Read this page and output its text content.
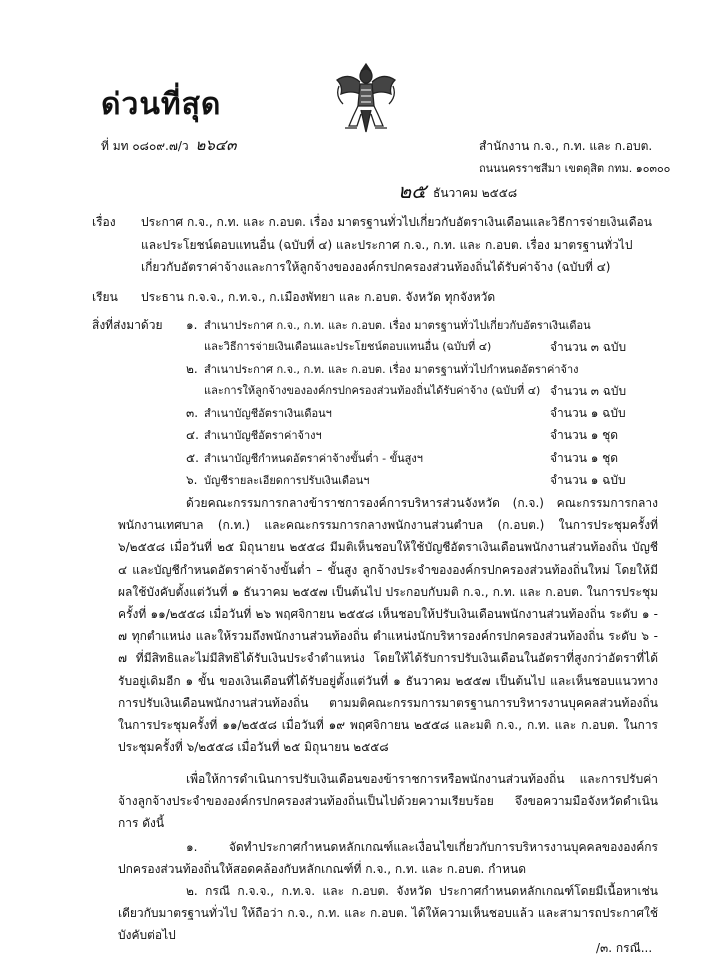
ด่วนที่สุด
ที่ มท ๐๘๐๙.๗/ว ๒๖๔๓	สำนักงาน ก.จ., ก.ท. และ ก.อบต.
ถนนนครราชสีมา เขตดุสิต กทม. ๑๐๓๐๐
๒๕ ธันวาคม ๒๕๕๘
เรื่อง ประกาศ ก.จ., ก.ท. และ ก.อบต. เรื่อง มาตรฐานทั่วไปเกี่ยวกับอัตราเงินเดือนและวิธีการจ่ายเงินเดือน
และประโยชน์ตอบแทนอื่น (ฉบับที่ ๔) และประกาศ ก.จ., ก.ท. และ ก.อบต. เรื่อง มาตรฐานทั่วไป
เกี่ยวกับอัตราค่าจ้างและการให้ลูกจ้างขององค์กรปกครองส่วนท้องถิ่นได้รับค่าจ้าง (ฉบับที่ ๔)
เรียน ประธาน ก.จ.จ., ก.ท.จ., ก.เมืองพัทยา และ ก.อบต. จังหวัด ทุกจังหวัด
สิ่งที่ส่งมาด้วย ๑. สำเนาประกาศ ก.จ., ก.ท. และ ก.อบต. เรื่อง มาตรฐานทั่วไปเกี่ยวกับอัตราเงินเดือน
และวิธีการจ่ายเงินเดือนและประโยชน์ตอบแทนอื่น (ฉบับที่ ๔)	จำนวน ๓ ฉบับ
๒. สำเนาประกาศ ก.จ., ก.ท. และ ก.อบต. เรื่อง มาตรฐานทั่วไปกำหนดอัตราค่าจ้าง
และการให้ลูกจ้างขององค์กรปกครองส่วนท้องถิ่นได้รับค่าจ้าง (ฉบับที่ ๔) จำนวน ๓ ฉบับ
๓. สำเนาบัญชีอัตราเงินเดือนฯ	จำนวน ๑ ฉบับ
๔. สำเนาบัญชีอัตราค่าจ้างฯ	จำนวน ๑ ชุด
๕. สำเนาบัญชีกำหนดอัตราค่าจ้างขั้นต่ำ - ขั้นสูงฯ	จำนวน ๑ ชุด
๖. บัญชีรายละเอียดการปรับเงินเดือนฯ	จำนวน ๑ ฉบับ
ด้วยคณะกรรมการกลางข้าราชการองค์การบริหารส่วนจังหวัด (ก.จ.) คณะกรรมการกลางพนักงานเทศบาล (ก.ท.) และคณะกรรมการกลางพนักงานส่วนตำบล (ก.อบต.) ในการประชุมครั้งที่ ๖/๒๕๕๘ เมื่อวันที่ ๒๕ มิถุนายน ๒๕๕๘ มีมติเห็นชอบให้ใช้บัญชีอัตราเงินเดือนพนักงานส่วนท้องถิ่น บัญชี ๔ และบัญชีกำหนดอัตราค่าจ้างขั้นต่ำ – ขั้นสูง ลูกจ้างประจำขององค์กรปกครองส่วนท้องถิ่นใหม่ โดยให้มีผลใช้บังคับตั้งแต่วันที่ ๑ ธันวาคม ๒๕๕๗ เป็นต้นไป ประกอบกับมติ ก.จ., ก.ท. และ ก.อบต. ในการประชุมครั้งที่ ๑๑/๒๕๕๘ เมื่อวันที่ ๒๖ พฤศจิกายน ๒๕๕๘ เห็นชอบให้ปรับเงินเดือนพนักงานส่วนท้องถิ่น ระดับ ๑ - ๗ ทุกตำแหน่ง และให้รวมถึงพนักงานส่วนท้องถิ่น ตำแหน่งนักบริหารองค์กรปกครองส่วนท้องถิ่น ระดับ ๖ - ๗ ที่มีสิทธิและไม่มีสิทธิได้รับเงินประจำตำแหน่ง โดยให้ได้รับการปรับเงินเดือนในอัตราที่สูงกว่าอัตราที่ได้รับอยู่เดิมอีก ๑ ขั้น ของเงินเดือนที่ได้รับอยู่ตั้งแต่วันที่ ๑ ธันวาคม ๒๕๕๗ เป็นต้นไป และเห็นชอบแนวทางการปรับเงินเดือนพนักงานส่วนท้องถิ่น ตามมติคณะกรรมการมาตรฐานการบริหารงานบุคคลส่วนท้องถิ่น ในการประชุมครั้งที่ ๑๑/๒๕๕๘ เมื่อวันที่ ๑๙ พฤศจิกายน ๒๕๕๘ และมติ ก.จ., ก.ท. และ ก.อบต. ในการประชุมครั้งที่ ๖/๒๕๕๘ เมื่อวันที่ ๒๕ มิถุนายน ๒๕๕๘
เพื่อให้การดำเนินการปรับเงินเดือนของข้าราชการหรือพนักงานส่วนท้องถิ่น และการปรับค่าจ้างลูกจ้างประจำขององค์กรปกครองส่วนท้องถิ่นเป็นไปด้วยความเรียบร้อย จึงขอความมือจังหวัดดำเนินการ ดังนี้
๑. จัดทำประกาศกำหนดหลักเกณฑ์และเงื่อนไขเกี่ยวกับการบริหารงานบุคคลขององค์กรปกครองส่วนท้องถิ่นให้สอดคล้องกับหลักเกณฑ์ที่ ก.จ., ก.ท. และ ก.อบต. กำหนด
๒. กรณี ก.จ.จ., ก.ท.จ. และ ก.อบต. จังหวัด ประกาศกำหนดหลักเกณฑ์โดยมีเนื้อหาเช่นเดียวกับมาตรฐานทั่วไป ให้ถือว่า ก.จ., ก.ท. และ ก.อบต. ได้ให้ความเห็นชอบแล้ว และสามารถประกาศใช้บังคับต่อไป
/๓. กรณี...
